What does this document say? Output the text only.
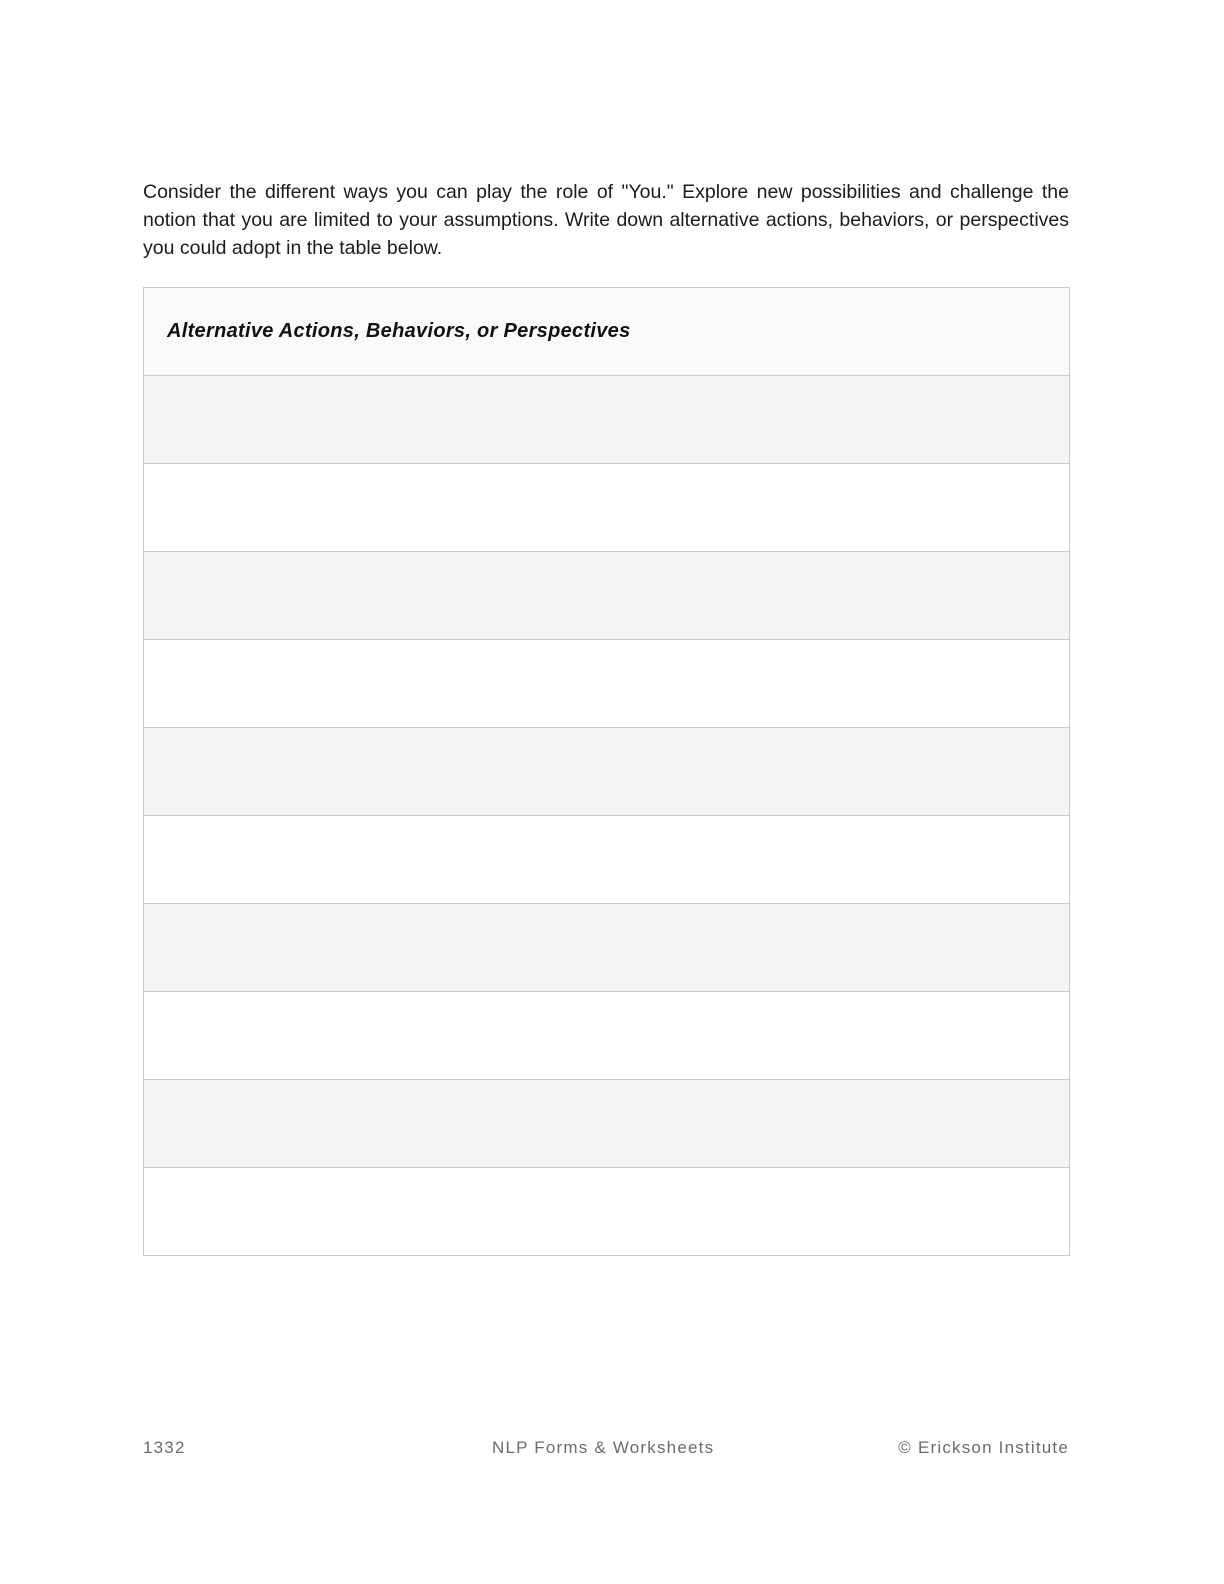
Consider the different ways you can play the role of "You." Explore new possibilities and challenge the notion that you are limited to your assumptions. Write down alternative actions, behaviors, or perspectives you could adopt in the table below.

Alternative Actions, Behaviors, or Perspectives

1332	NLP Forms & Worksheets	© Erickson Institute
